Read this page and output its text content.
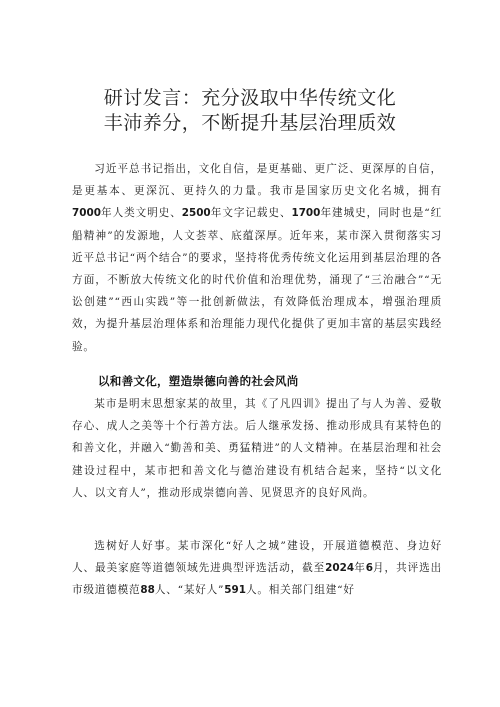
研讨发言：充分汲取中华传统文化
丰沛养分，不断提升基层治理质效

习近平总书记指出，文化自信，是更基础、更广泛、更深厚的自信，是更基本、更深沉、更持久的力量。我市是国家历史文化名城，拥有7000年人类文明史、2500年文字记载史、1700年建城史，同时也是“红船精神”的发源地，人文荟萃、底蕴深厚。近年来，某市深入贯彻落实习近平总书记“两个结合”的要求，坚持将优秀传统文化运用到基层治理的各方面，不断放大传统文化的时代价值和治理优势，涌现了“三治融合”“无讼创建”“西山实践”等一批创新做法，有效降低治理成本，增强治理质效，为提升基层治理体系和治理能力现代化提供了更加丰富的基层实践经验。

以和善文化，塑造崇德向善的社会风尚

某市是明末思想家某的故里，其《了凡四训》提出了与人为善、爱敬存心、成人之美等十个行善方法。后人继承发扬、推动形成具有某特色的和善文化，并融入“勤善和美、勇猛精进”的人文精神。在基层治理和社会建设过程中，某市把和善文化与德治建设有机结合起来，坚持“以文化人、以文育人”，推动形成崇德向善、见贤思齐的良好风尚。

选树好人好事。某市深化“好人之城”建设，开展道德模范、身边好人、最美家庭等道德领域先进典型评选活动，截至2024年6月，共评选出市级道德模范88人、“某好人”591人。相关部门组建“好
